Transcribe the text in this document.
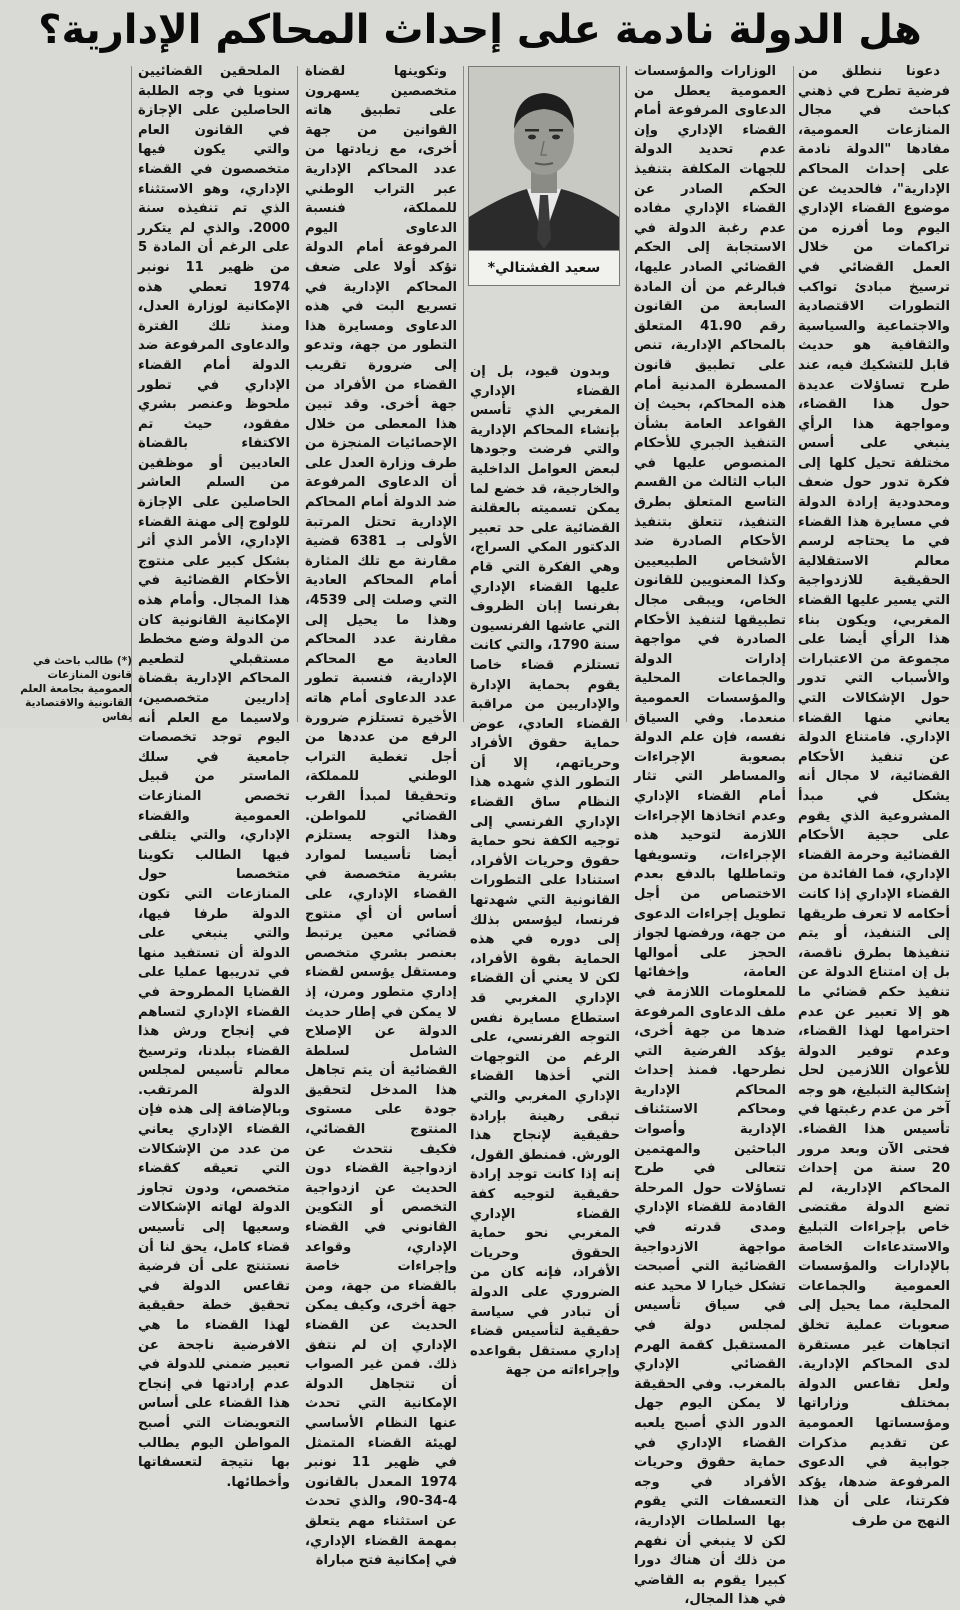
هل الدولة نادمة على إحداث المحاكم الإدارية؟

دعونا ننطلق من فرضية تطرح في ذهني كباحث في مجال المنازعات العمومية، مفادها "الدولة نادمة على إحداث المحاكم الإدارية"، فالحديث عن موضوع القضاء الإداري اليوم وما أفرزه من تراكمات من خلال العمل القضائي في ترسيخ مبادئ تواكب التطورات الاقتصادية والاجتماعية والسياسية والثقافية هو حديث قابل للتشكيك فيه، عند طرح تساؤلات عديدة حول هذا القضاء، ومواجهة هذا الرأي ينبغي على أسس مختلفة تحيل كلها إلى فكرة تدور حول ضعف ومحدودية إرادة الدولة في مسايرة هذا القضاء في ما يحتاجه لرسم معالم الاستقلالية الحقيقية للازدواجية التي يسير عليها القضاء المغربي، ويكون بناء هذا الرأي أيضا على مجموعة من الاعتبارات والأسباب التي تدور حول الإشكالات التي يعاني منها القضاء الإداري. فامتناع الدولة عن تنفيذ الأحكام القضائية، لا مجال أنه يشكل في مبدأ المشروعية الذي يقوم على حجية الأحكام القضائية وحرمة القضاء الإداري، فما الفائدة من القضاء الإداري إذا كانت أحكامه لا تعرف طريقها إلى التنفيذ، أو يتم تنفيذها بطرق ناقصة، بل إن امتناع الدولة عن تنفيذ حكم قضائي ما هو إلا تعبير عن عدم احترامها لهذا القضاء، وعدم توفير الدولة للأعوان اللازمين لحل إشكالية التبليغ، هو وجه آخر من عدم رغبتها في تأسيس هذا القضاء. فحتى الآن وبعد مرور 20 سنة من إحداث المحاكم الإدارية، لم تضع الدولة مقتضى خاص بإجراءات التبليغ والاستدعاءات الخاصة بالإدارات والمؤسسات العمومية والجماعات المحلية، مما يحيل إلى صعوبات عملية تخلق اتجاهات غير مستقرة لدى المحاكم الإدارية. ولعل تقاعس الدولة بمختلف وزاراتها ومؤسساتها العمومية عن تقديم مذكرات جوابية في الدعوى المرفوعة ضدها، يؤكد فكرتنا، على أن هذا النهج من طرف

الوزارات والمؤسسات العمومية يعطل من الدعاوى المرفوعة أمام القضاء الإداري وإن عدم تحديد الدولة للجهات المكلفة بتنفيذ الحكم الصادر عن القضاء الإداري مفاده عدم رغبة الدولة في الاستجابة إلى الحكم القضائي الصادر عليها، فبالرغم من أن المادة السابعة من القانون رقم 41.90 المتعلق بالمحاكم الإدارية، تنص على تطبيق قانون المسطرة المدنية أمام هذه المحاكم، بحيث إن القواعد العامة بشأن التنفيذ الجبري للأحكام المنصوص عليها في الباب الثالث من القسم التاسع المتعلق بطرق التنفيذ، تتعلق بتنفيذ الأحكام الصادرة ضد الأشخاص الطبيعيين وكذا المعنويين للقانون الخاص، ويبقى مجال تطبيقها لتنفيذ الأحكام الصادرة في مواجهة إدارات الدولة والجماعات المحلية والمؤسسات العمومية منعدما. وفي السياق نفسه، فإن علم الدولة بصعوبة الإجراءات والمساطر التي تثار أمام القضاء الإداري وعدم اتخاذها الإجراءات اللازمة لتوحيد هذه الإجراءات، وتسويفها وتماطلها بالدفع بعدم الاختصاص من أجل تطويل إجراءات الدعوى من جهة، ورفضها لجواز الحجز على أموالها العامة، وإخفائها للمعلومات اللازمة في ملف الدعاوى المرفوعة ضدها من جهة أخرى، يؤكد الفرضية التي نطرحها. فمنذ إحداث المحاكم الإدارية ومحاكم الاستئناف الإدارية وأصوات الباحثين والمهتمين تتعالى في طرح تساؤلات حول المرحلة القادمة للقضاء الإداري ومدى قدرته في مواجهة الازدواجية القضائية التي أصبحت تشكل خيارا لا محيد عنه في سياق تأسيس لمجلس دولة في المستقبل كقمة الهرم القضائي الإداري بالمغرب. وفي الحقيقة لا يمكن اليوم جهل الدور الذي أصبح يلعبه القضاء الإداري في حماية حقوق وحريات الأفراد في وجه التعسفات التي يقوم بها السلطات الإدارية، لكن لا ينبغي أن نفهم من ذلك أن هناك دورا كبيرا يقوم به القاضي في هذا المجال،

سعيد الفشتالي*

وبدون قيود، بل إن القضاء الإداري المغربي الذي تأسس بإنشاء المحاكم الإدارية والتي فرضت وجودها لبعض العوامل الداخلية والخارجية، قد خضع لما يمكن تسميته بالعقلنة القضائية على حد تعبير الدكتور المكي السراج، وهي الفكرة التي قام عليها القضاء الإداري بفرنسا إبان الظروف التي عاشها الفرنسيون سنة 1790، والتي كانت تستلزم قضاء خاصا يقوم بحماية الإدارة والإداريين من مراقبة القضاء العادي، عوض حماية حقوق الأفراد وحرياتهم، إلا أن التطور الذي شهده هذا النظام ساق القضاء الإداري الفرنسي إلى توجيه الكفة نحو حماية حقوق وحريات الأفراد، استنادا على التطورات القانونية التي شهدتها فرنسا، ليؤسس بذلك إلى دوره في هذه الحماية بقوة الأفراد، لكن لا يعني أن القضاء الإداري المغربي قد استطاع مسايرة نفس التوجه الفرنسي، على الرغم من التوجهات التي أخذها القضاء الإداري المغربي والتي تبقى رهينة بإرادة حقيقية لإنجاح هذا الورش. فمنطق القول، إنه إذا كانت توجد إرادة حقيقية لتوجيه كفة القضاء الإداري المغربي نحو حماية الحقوق وحريات الأفراد، فإنه كان من الضروري على الدولة أن تبادر في سياسة حقيقية لتأسيس قضاء إداري مستقل بقواعده وإجراءاته من جهة

وتكوينها لقضاة متخصصين يسهرون على تطبيق هاته القوانين من جهة أخرى، مع زيادتها من عدد المحاكم الإدارية عبر التراب الوطني للمملكة، فنسبة الدعاوى اليوم المرفوعة أمام الدولة تؤكد أولا على ضعف المحاكم الإدارية في تسريع البت في هذه الدعاوى ومسايرة هذا التطور من جهة، وتدعو إلى ضرورة تقريب القضاء من الأفراد من جهة أخرى. وقد تبين هذا المعطى من خلال الإحصائيات المنجزة من طرف وزارة العدل على أن الدعاوى المرفوعة ضد الدولة أمام المحاكم الإدارية تحتل المرتبة الأولى بـ 6381 قضية مقارنة مع تلك المثارة أمام المحاكم العادية التي وصلت إلى 4539، وهذا ما يحيل إلى مقارنة عدد المحاكم العادية مع المحاكم الإدارية، فنسبة تطور عدد الدعاوى أمام هاته الأخيرة تستلزم ضرورة الرفع من عددها من أجل تغطية التراب الوطني للمملكة، وتحقيقا لمبدأ القرب القضائي للمواطن. وهذا التوجه يستلزم أيضا تأسيسا لموارد بشرية متخصصة في القضاء الإداري، على أساس أن أي منتوج قضائي معين يرتبط بعنصر بشري متخصص ومستقل يؤسس لقضاء إداري متطور ومرن، إذ لا يمكن في إطار حديث الدولة عن الإصلاح الشامل لسلطة القضائية أن يتم تجاهل هذا المدخل لتحقيق جودة على مستوى المنتوج القضائي، فكيف نتحدث عن ازدواجية القضاء دون الحديث عن ازدواجية التخصص أو التكوين القانوني في القضاء الإداري، وقواعد وإجراءات خاصة بالقضاء من جهة، ومن جهة أخرى، وكيف يمكن الحديث عن القضاء الإداري إن لم نتفق ذلك. فمن غير الصواب أن تتجاهل الدولة الإمكانية التي تحدث عنها النظام الأساسي لهيئة القضاء المتمثل في ظهير 11 نونبر 1974 المعدل بالقانون 4-34-90، والذي تحدث عن استثناء مهم يتعلق بمهمة القضاء الإداري، في إمكانية فتح مباراة

الملحقين القضائيين سنويا في وجه الطلبة الحاصلين على الإجازة في القانون العام والتي يكون فيها متخصصون في القضاء الإداري، وهو الاستثناء الذي تم تنفيذه سنة 2000. والذي لم يتكرر على الرغم أن المادة 5 من ظهير 11 نونبر 1974 تعطي هذه الإمكانية لوزارة العدل، ومنذ تلك الفترة والدعاوى المرفوعة ضد الدولة أمام القضاء الإداري في تطور ملحوظ وعنصر بشري مفقود، حيث تم الاكتفاء بالقضاة العاديين أو موظفين من السلم العاشر الحاصلين على الإجازة للولوج إلى مهنة القضاء الإداري، الأمر الذي أثر بشكل كبير على منتوج الأحكام القضائية في هذا المجال. وأمام هذه الإمكانية القانونية كان من الدولة وضع مخطط مستقبلي لتطعيم المحاكم الإدارية بقضاة إداريين متخصصين، ولاسيما مع العلم أنه اليوم توجد تخصصات جامعية في سلك الماستر من قبيل تخصص المنازعات العمومية والقضاء الإداري، والتي يتلقى فيها الطالب تكوينا متخصصا حول المنازعات التي تكون الدولة طرفا فيها، والتي ينبغي على الدولة أن تستفيد منها في تدريبها عمليا على القضايا المطروحة في القضاء الإداري لتساهم في إنجاح ورش هذا القضاء ببلدنا، وترسيخ معالم تأسيس لمجلس الدولة المرتقب. وبالإضافة إلى هذه فإن القضاء الإداري يعاني من عدد من الإشكالات التي تعيقه كقضاء متخصص، ودون تجاوز الدولة لهاته الإشكالات وسعيها إلى تأسيس قضاء كامل، يحق لنا أن نستنتج على أن فرضية تقاعس الدولة في تحقيق خطة حقيقية لهذا القضاء ما هي الافرضية ناجحة عن تعبير ضمني للدولة في عدم إرادتها في إنجاح هذا القضاء على أساس التعويضات التي أصبح المواطن اليوم يطالب بها نتيجة لتعسفاتها وأخطائها.

(*) طالب باحث في قانون المنازعات العمومية بجامعة العلم القانونية والاقتصادية بفاس
